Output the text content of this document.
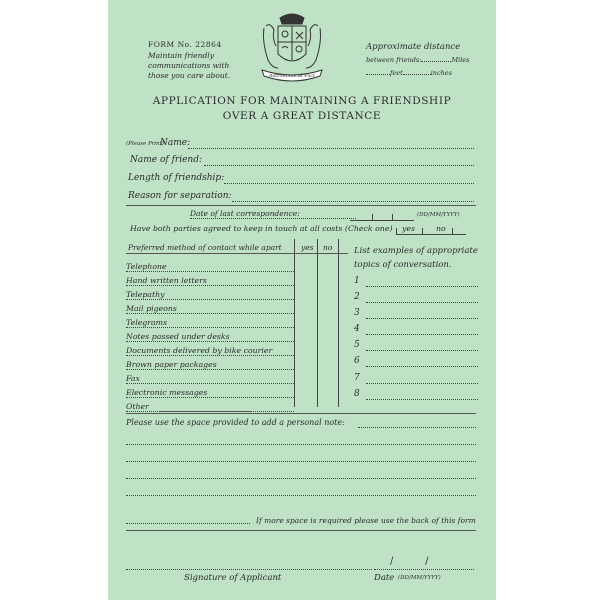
FORM No. 22864
Maintain friendly
communications with
those you care about.	Astronomical Fact
Approximate distance
between friends:	Miles
feet	inches
APPLICATION FOR MAINTAINING A FRIENDSHIP
OVER A GREAT DISTANCE
(Please Print)
Name:
Name of friend:
Length of friendship:
Reason for separation:
Date of last correspondence:	(DD/MM/YYYY)
Have both parties agreed to keep in touch at all costs (Check one) yes	no
Preferred method of contact while apart	yes no
Telephone
Hand written letters
Telepathy
Mail pigeons
Telegrams
Notes passed under desks
Documents delivered by bike courier
Brown paper packages
Fax
Electronic messages
Other
List examples of appropriate
topics of conversation.
1
2
3
4
5
6
7
8
Please use the space provided to add a personal note:
If more space is required please use the back of this form
Signature of Applicant
/          /
Date (DD/MM/YYYY)
